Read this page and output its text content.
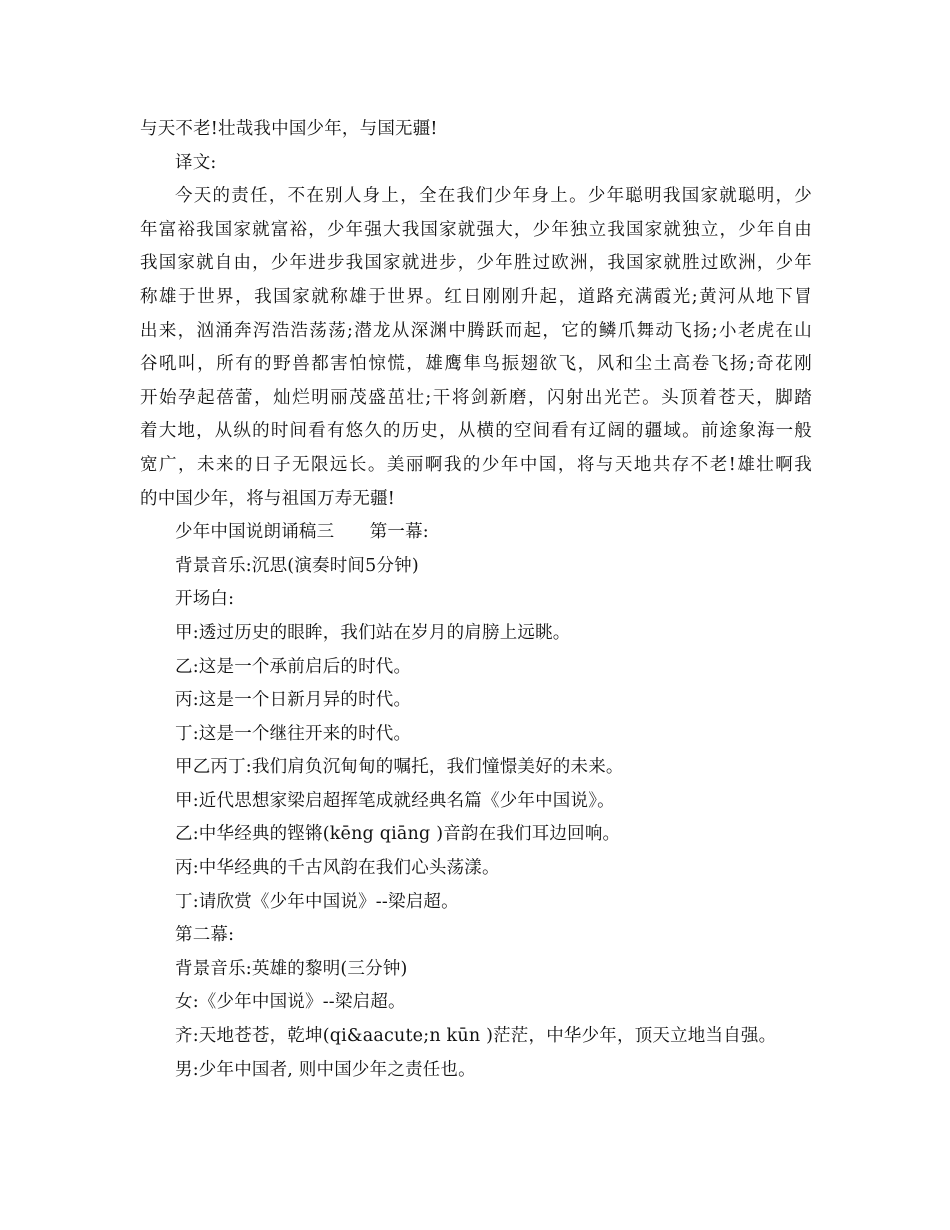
与天不老!壮哉我中国少年，与国无疆!
译文:
今天的责任，不在别人身上，全在我们少年身上。少年聪明我国家就聪明，少
年富裕我国家就富裕，少年强大我国家就强大，少年独立我国家就独立，少年自由
我国家就自由，少年进步我国家就进步，少年胜过欧洲，我国家就胜过欧洲，少年
称雄于世界，我国家就称雄于世界。红日刚刚升起，道路充满霞光;黄河从地下冒
出来，汹涌奔泻浩浩荡荡;潜龙从深渊中腾跃而起，它的鳞爪舞动飞扬;小老虎在山
谷吼叫，所有的野兽都害怕惊慌，雄鹰隼鸟振翅欲飞，风和尘土高卷飞扬;奇花刚
开始孕起蓓蕾，灿烂明丽茂盛茁壮;干将剑新磨，闪射出光芒。头顶着苍天，脚踏
着大地，从纵的时间看有悠久的历史，从横的空间看有辽阔的疆域。前途象海一般
宽广，未来的日子无限远长。美丽啊我的少年中国，将与天地共存不老!雄壮啊我
的中国少年，将与祖国万寿无疆!
少年中国说朗诵稿三　　第一幕:
背景音乐:沉思(演奏时间5分钟)
开场白:
甲:透过历史的眼眸，我们站在岁月的肩膀上远眺。
乙:这是一个承前启后的时代。
丙:这是一个日新月异的时代。
丁:这是一个继往开来的时代。
甲乙丙丁:我们肩负沉甸甸的嘱托，我们憧憬美好的未来。
甲:近代思想家梁启超挥笔成就经典名篇《少年中国说》。
乙:中华经典的铿锵(kēng qiāng )音韵在我们耳边回响。
丙:中华经典的千古风韵在我们心头荡漾。
丁:请欣赏《少年中国说》--梁启超。
第二幕:
背景音乐:英雄的黎明(三分钟)
女:《少年中国说》--梁启超。
齐:天地苍苍，乾坤(qi&aacute;n kūn )茫茫，中华少年，顶天立地当自强。
男:少年中国者, 则中国少年之责任也。
